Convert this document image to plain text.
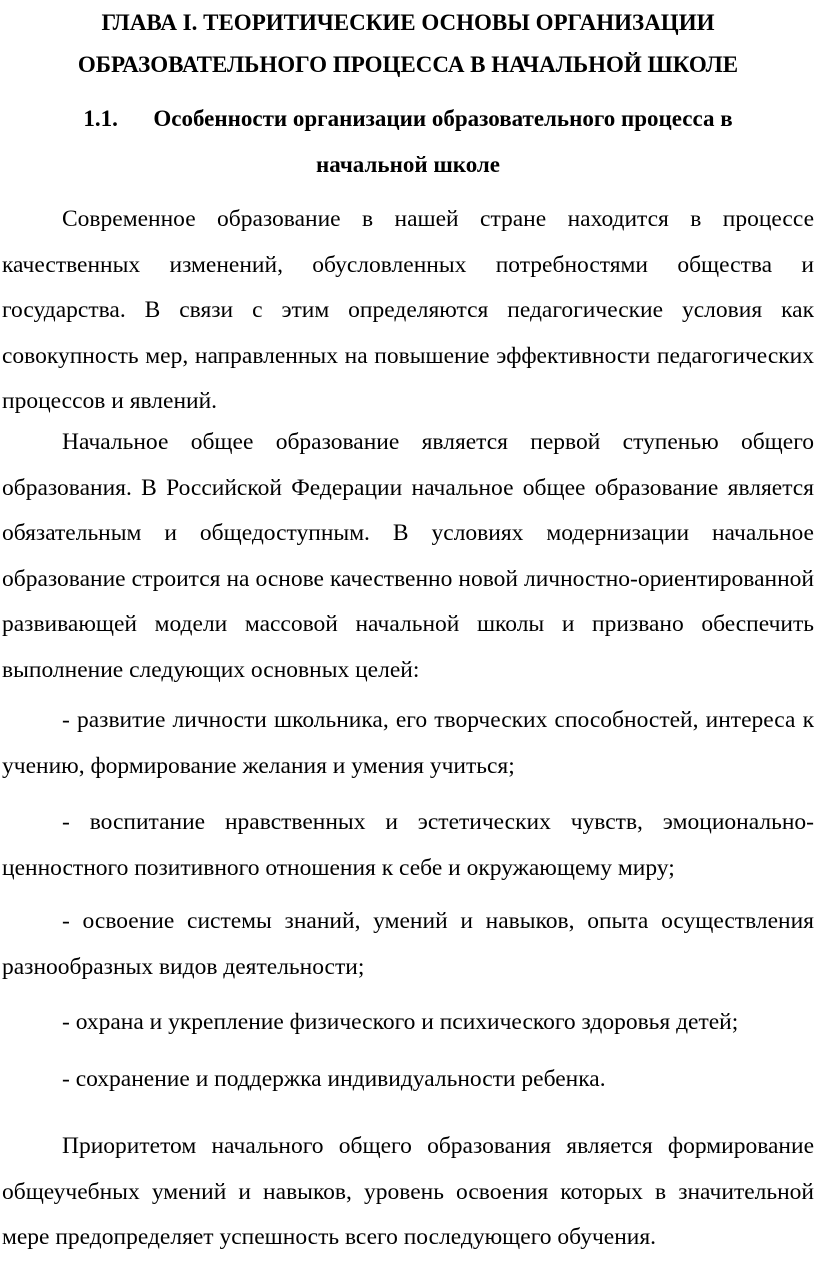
ГЛАВА I. ТЕОРИТИЧЕСКИЕ ОСНОВЫ ОРГАНИЗАЦИИ
ОБРАЗОВАТЕЛЬНОГО ПРОЦЕССА В НАЧАЛЬНОЙ ШКОЛЕ
1.1. Особенности организации образовательного процесса в
начальной школе

Современное образование в нашей стране находится в процессе качественных изменений, обусловленных потребностями общества и государства. В связи с этим определяются педагогические условия как совокупность мер, направленных на повышение эффективности педагогических процессов и явлений.

Начальное общее образование является первой ступенью общего образования. В Российской Федерации начальное общее образование является обязательным и общедоступным. В условиях модернизации начальное образование строится на основе качественно новой личностно-ориентированной развивающей модели массовой начальной школы и призвано обеспечить выполнение следующих основных целей:

- развитие личности школьника, его творческих способностей, интереса к учению, формирование желания и умения учиться;

- воспитание нравственных и эстетических чувств, эмоционально-ценностного позитивного отношения к себе и окружающему миру;

- освоение системы знаний, умений и навыков, опыта осуществления разнообразных видов деятельности;

- охрана и укрепление физического и психического здоровья детей;

- сохранение и поддержка индивидуальности ребенка.

Приоритетом начального общего образования является формирование общеучебных умений и навыков, уровень освоения которых в значительной мере предопределяет успешность всего последующего обучения.
